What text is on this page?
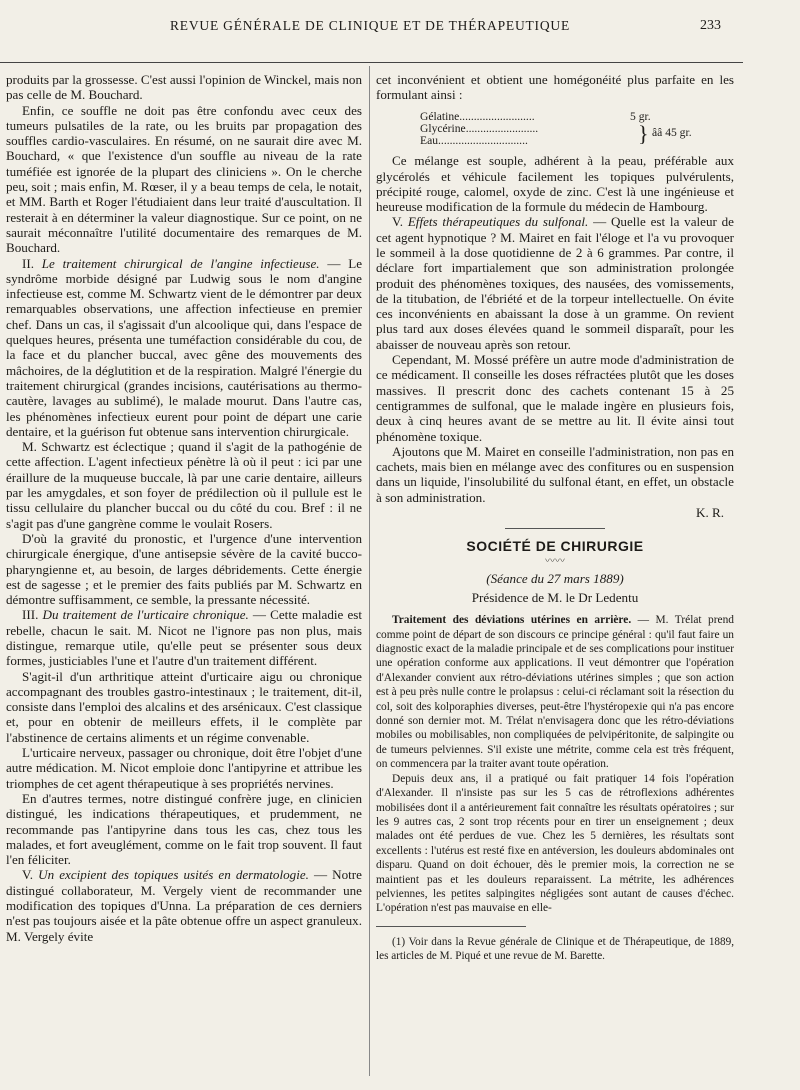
REVUE GÉNÉRALE DE CLINIQUE ET DE THÉRAPEUTIQUE	233

produits par la grossesse. C'est aussi l'opinion de Winckel, mais non pas celle de M. Bouchard.

Enfin, ce souffle ne doit pas être confondu avec ceux des tumeurs pulsatiles de la rate, ou les bruits par propagation des souffles cardio-vasculaires. En résumé, on ne saurait dire avec M. Bouchard, « que l'existence d'un souffle au niveau de la rate tuméfiée est ignorée de la plupart des cliniciens ». On le cherche peu, soit ; mais enfin, M. Rœser, il y a beau temps de cela, le notait, et MM. Barth et Roger l'étudiaient dans leur traité d'auscultation. Il resterait à en déterminer la valeur diagnostique. Sur ce point, on ne saurait méconnaître l'utilité documentaire des remarques de M. Bouchard.

II. Le traitement chirurgical de l'angine infectieuse. — Le syndrôme morbide désigné par Ludwig sous le nom d'angine infectieuse est, comme M. Schwartz vient de le démontrer par deux remarquables observations, une affection infectieuse en premier chef. Dans un cas, il s'agissait d'un alcoolique qui, dans l'espace de quelques heures, présenta une tuméfaction considérable du cou, de la face et du plancher buccal, avec gêne des mouvements des mâchoires, de la déglutition et de la respiration. Malgré l'énergie du traitement chirurgical (grandes incisions, cautérisations au thermo-cautère, lavages au sublimé), le malade mourut. Dans l'autre cas, les phénomènes infectieux eurent pour point de départ une carie dentaire, et la guérison fut obtenue sans intervention chirurgicale.

M. Schwartz est éclectique ; quand il s'agit de la pathogénie de cette affection. L'agent infectieux pénètre là où il peut : ici par une éraillure de la muqueuse buccale, là par une carie dentaire, ailleurs par les amygdales, et son foyer de prédilection où il pullule est le tissu cellulaire du plancher buccal ou du côté du cou. Bref : il ne s'agit pas d'une gangrène comme le voulait Rosers.

D'où la gravité du pronostic, et l'urgence d'une intervention chirurgicale énergique, d'une antisepsie sévère de la cavité bucco-pharyngienne et, au besoin, de larges débridements. Cette énergie est de sagesse ; et le premier des faits publiés par M. Schwartz en démontre suffisamment, ce semble, la pressante nécessité.

III. Du traitement de l'urticaire chronique. — Cette maladie est rebelle, chacun le sait. M. Nicot ne l'ignore pas non plus, mais distingue, remarque utile, qu'elle peut se présenter sous deux formes, justiciables l'une et l'autre d'un traitement différent.

S'agit-il d'un arthritique atteint d'urticaire aigu ou chronique accompagnant des troubles gastro-intestinaux ; le traitement, dit-il, consiste dans l'emploi des alcalins et des arsénicaux. C'est classique et, pour en obtenir de meilleurs effets, il le complète par l'abstinence de certains aliments et un régime convenable.

L'urticaire nerveux, passager ou chronique, doit être l'objet d'une autre médication. M. Nicot emploie donc l'antipyrine et attribue les triomphes de cet agent thérapeutique à ses propriétés nervines.

En d'autres termes, notre distingué confrère juge, en clinicien distingué, les indications thérapeutiques, et prudemment, ne recommande pas l'antipyrine dans tous les cas, chez tous les malades, et fort aveuglément, comme on le fait trop souvent. Il faut l'en féliciter.

V. Un excipient des topiques usités en dermatologie. — Notre distingué collaborateur, M. Vergely vient de recommander une modification des topiques d'Unna. La préparation de ces derniers n'est pas toujours aisée et la pâte obtenue offre un aspect granuleux. M. Vergely évite

cet inconvénient et obtient une homégonéité plus parfaite en les formulant ainsi :

Gélatine..........................	5 gr.
Glycérine.........................
Eau...............................	} ââ 45 gr.

Ce mélange est souple, adhérent à la peau, préférable aux glycérolés et véhicule facilement les topiques pulvérulents, précipité rouge, calomel, oxyde de zinc. C'est là une ingénieuse et heureuse modification de la formule du médecin de Hambourg.

V. Effets thérapeutiques du sulfonal. — Quelle est la valeur de cet agent hypnotique ? M. Mairet en fait l'éloge et l'a vu provoquer le sommeil à la dose quotidienne de 2 à 6 grammes. Par contre, il déclare fort impartialement que son administration prolongée produit des phénomènes toxiques, des nausées, des vomissements, de la titubation, de l'ébriété et de la torpeur intellectuelle. On évite ces inconvénients en abaissant la dose à un gramme. On revient plus tard aux doses élevées quand le sommeil disparaît, pour les abaisser de nouveau après son retour.

Cependant, M. Mossé préfère un autre mode d'administration de ce médicament. Il conseille les doses réfractées plutôt que les doses massives. Il prescrit donc des cachets contenant 15 à 25 centigrammes de sulfonal, que le malade ingère en plusieurs fois, deux à cinq heures avant de se mettre au lit. Il évite ainsi tout phénomène toxique.

Ajoutons que M. Mairet en conseille l'administration, non pas en cachets, mais bien en mélange avec des confitures ou en suspension dans un liquide, l'insolubilité du sulfonal étant, en effet, un obstacle à son administration.

K. R.

SOCIÉTÉ DE CHIRURGIE
〰〰
(Séance du 27 mars 1889)
Présidence de M. le Dr Ledentu

Traitement des déviations utérines en arrière. — M. Trélat prend comme point de départ de son discours ce principe général : qu'il faut faire un diagnostic exact de la maladie principale et de ses complications pour instituer une opération conforme aux applications. Il veut démontrer que l'opération d'Alexander convient aux rétro-déviations utérines simples ; que son action est à peu près nulle contre le prolapsus : celui-ci réclamant soit la résection du col, soit des kolporaphies diverses, peut-être l'hystéropexie qui n'a pas encore donné son dernier mot. M. Trélat n'envisagera donc que les rétro-déviations mobiles ou mobilisables, non compliquées de pelvipéritonite, de salpingite ou de tumeurs pelviennes. S'il existe une métrite, comme cela est très fréquent, on commencera par la traiter avant toute opération.

Depuis deux ans, il a pratiqué ou fait pratiquer 14 fois l'opération d'Alexander. Il n'insiste pas sur les 5 cas de rétroflexions adhérentes mobilisées dont il a antérieurement fait connaître les résultats opératoires ; sur les 9 autres cas, 2 sont trop récents pour en tirer un enseignement ; deux malades ont été perdues de vue. Chez les 5 dernières, les résultats sont excellents : l'utérus est resté fixe en antéversion, les douleurs abdominales ont disparu. Quand on doit échouer, dès le premier mois, la correction ne se maintient pas et les douleurs reparaissent. La métrite, les adhérences pelviennes, les petites salpingites négligées sont autant de causes d'échec. L'opération n'est pas mauvaise en elle-

(1) Voir dans la Revue générale de Clinique et de Thérapeutique, de 1889, les articles de M. Piqué et une revue de M. Barette.
